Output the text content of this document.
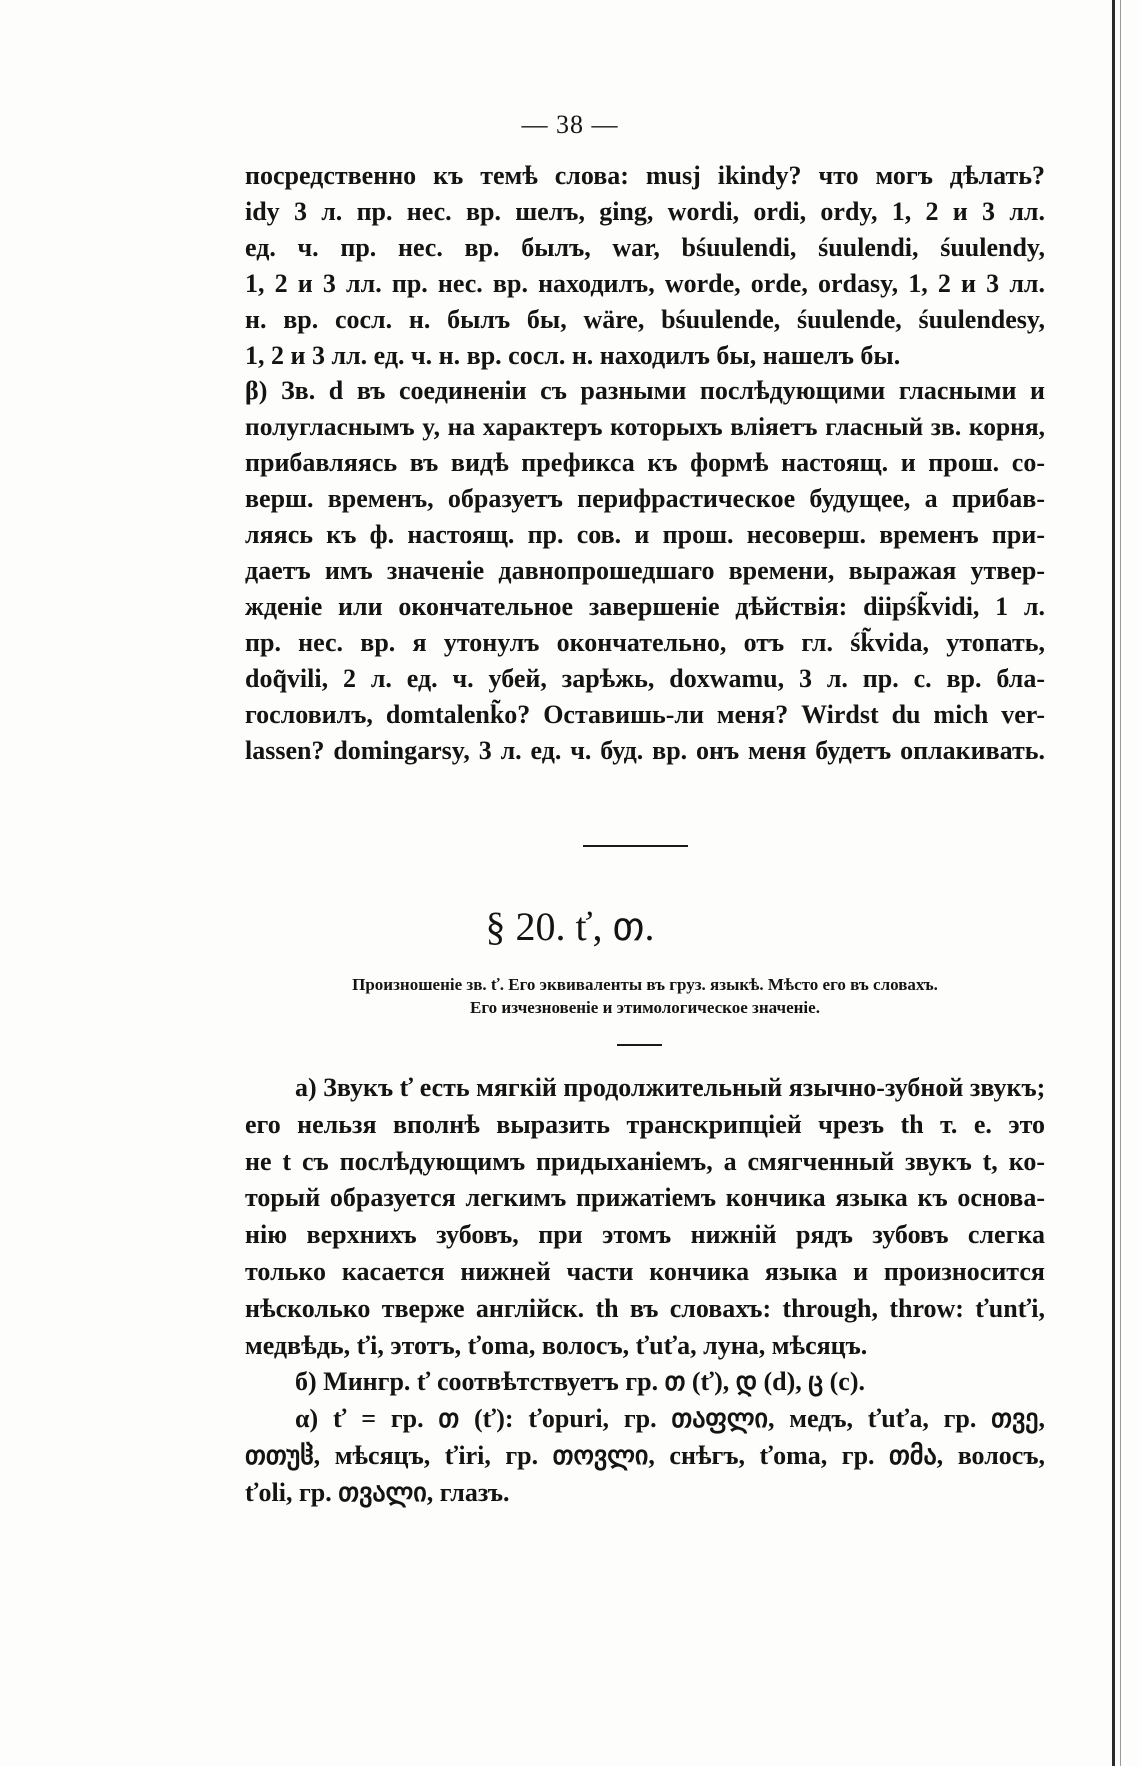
— 38 —
посредственно къ темѣ слова: musj ikindy? что могъ дѣлать?
idy 3 л. пр. нес. вр. шелъ, ging, wordi, ordi, ordy, 1, 2 и 3 лл.
ед. ч. пр. нес. вр. былъ, war, bśuulendi, śuulendi, śuulendy,
1, 2 и 3 лл. пр. нес. вр. находилъ, worde, orde, ordasy, 1, 2 и 3 лл.
н. вр. сосл. н. былъ бы, wäre, bśuulende, śuulende, śuulendesy,
1, 2 и 3 лл. ед. ч. н. вр. сосл. н. находилъ бы, нашелъ бы.
β) Зв. d въ соединеніи съ разными послѣдующими гласными и
полугласнымъ y, на характеръ которыхъ вліяетъ гласный зв. корня,
прибавляясь въ видѣ префикса къ формѣ настоящ. и прош. со-
верш. временъ, образуетъ перифрастическое будущее, а прибав-
ляясь къ ф. настоящ. пр. сов. и прош. несоверш. временъ при-
даетъ имъ значеніе давнопрошедшаго времени, выражая утвер-
жденіе или окончательное завершеніе дѣйствія: diipśk̃vidi, 1 л.
пр. нес. вр. я утонулъ окончательно, отъ гл. śk̃vida, утопать,
doq̃vili, 2 л. ед. ч. убей, зарѣжь, doxwamu, 3 л. пр. с. вр. бла-
гословилъ, domtalenk̃o? Оставишь-ли меня? Wirdst du mich ver-
lassen? domingarsy, 3 л. ед. ч. буд. вр. онъ меня будетъ оплакивать.
§ 20. ť, თ.
Произношеніе зв. ť. Его эквиваленты въ груз. языкѣ. Мѣсто его въ словахъ.
Его изчезновеніе и этимологическое значеніе.
а) Звукъ ť есть мягкій продолжительный язычно-зубной звукъ;
его нельзя вполнѣ выразить транскрипціей чрезъ th т. е. это
не t съ послѣдующимъ придыханіемъ, а смягченный звукъ t, ко-
торый образуется легкимъ прижатіемъ кончика языка къ основа-
нію верхнихъ зубовъ, при этомъ нижній рядъ зубовъ слегка
только касается нижней части кончика языка и произносится
нѣсколько тверже англійск. th въ словахъ: through, throw: ťunťi,
медвѣдь, ťi, этотъ, ťoma, волосъ, ťuťa, луна, мѣсяцъ.
б) Мингр. ť соотвѣтствуетъ гр. თ (ť), დ (d), ც (c).
α) ť = гр. თ (ť): ťopuri, гр. თაფლი, медъ, ťuťa, гр. თვე,
თთუჱ, мѣсяцъ, ťiri, гр. თოვლი, снѣгъ, ťoma, гр. თმა, волосъ,
ťoli, гр. თვალი, глазъ.
